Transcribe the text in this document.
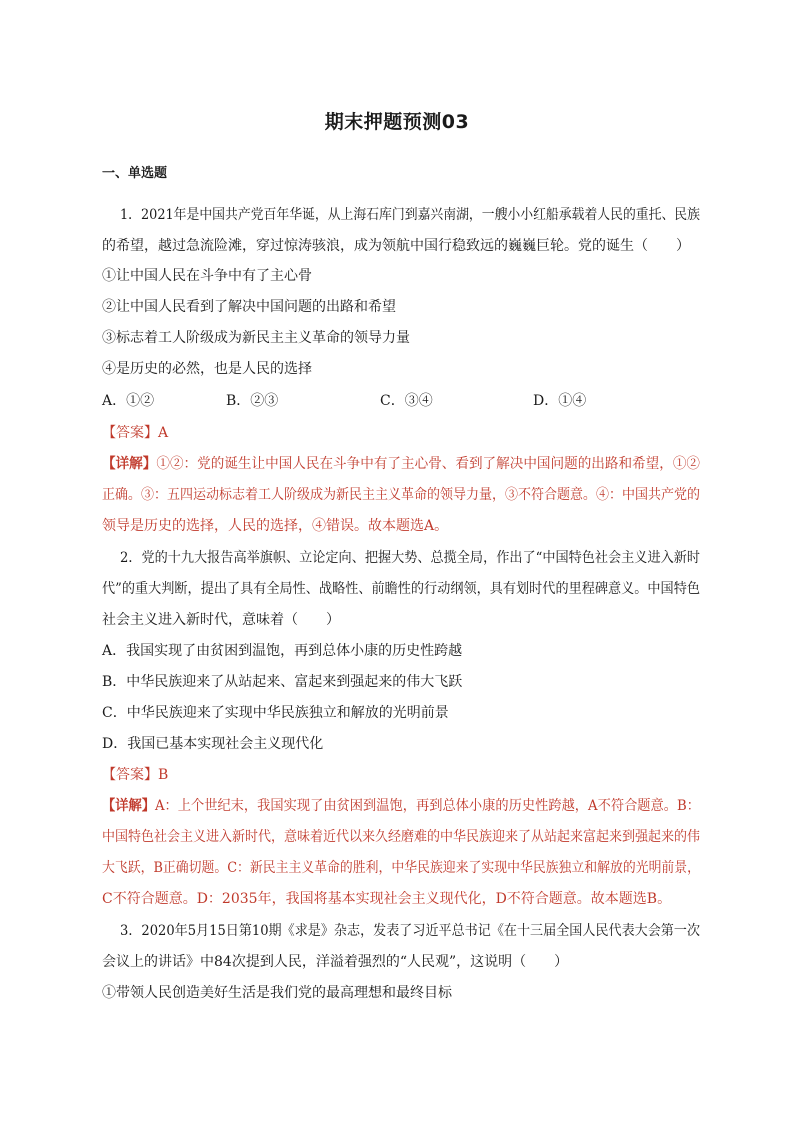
期末押题预测03
一、单选题
1．2021年是中国共产党百年华诞，从上海石库门到嘉兴南湖，一艘小小红船承载着人民的重托、民族
的希望，越过急流险滩，穿过惊涛骇浪，成为领航中国行稳致远的巍巍巨轮。党的诞生（　　）
①让中国人民在斗争中有了主心骨
②让中国人民看到了解决中国问题的出路和希望
③标志着工人阶级成为新民主主义革命的领导力量
④是历史的必然，也是人民的选择
A．①②	B．②③	C．③④	D．①④
【答案】A
【详解】①②：党的诞生让中国人民在斗争中有了主心骨、看到了解决中国问题的出路和希望，①②
正确。③：五四运动标志着工人阶级成为新民主主义革命的领导力量，③不符合题意。④：中国共产党的
领导是历史的选择，人民的选择，④错误。故本题选A。
2．党的十九大报告高举旗帜、立论定向、把握大势、总揽全局，作出了“中国特色社会主义进入新时
代”的重大判断，提出了具有全局性、战略性、前瞻性的行动纲领，具有划时代的里程碑意义。中国特色
社会主义进入新时代，意味着（　　）
A．我国实现了由贫困到温饱，再到总体小康的历史性跨越
B．中华民族迎来了从站起来、富起来到强起来的伟大飞跃
C．中华民族迎来了实现中华民族独立和解放的光明前景
D．我国已基本实现社会主义现代化
【答案】B
【详解】A：上个世纪末，我国实现了由贫困到温饱，再到总体小康的历史性跨越，A不符合题意。B：
中国特色社会主义进入新时代，意味着近代以来久经磨难的中华民族迎来了从站起来富起来到强起来的伟
大飞跃，B正确切题。C：新民主主义革命的胜利，中华民族迎来了实现中华民族独立和解放的光明前景，
C不符合题意。D：2035年，我国将基本实现社会主义现代化，D不符合题意。故本题选B。
3．2020年5月15日第10期《求是》杂志，发表了习近平总书记《在十三届全国人民代表大会第一次
会议上的讲话》中84次提到人民，洋溢着强烈的“人民观”，这说明（　　）
①带领人民创造美好生活是我们党的最高理想和最终目标
